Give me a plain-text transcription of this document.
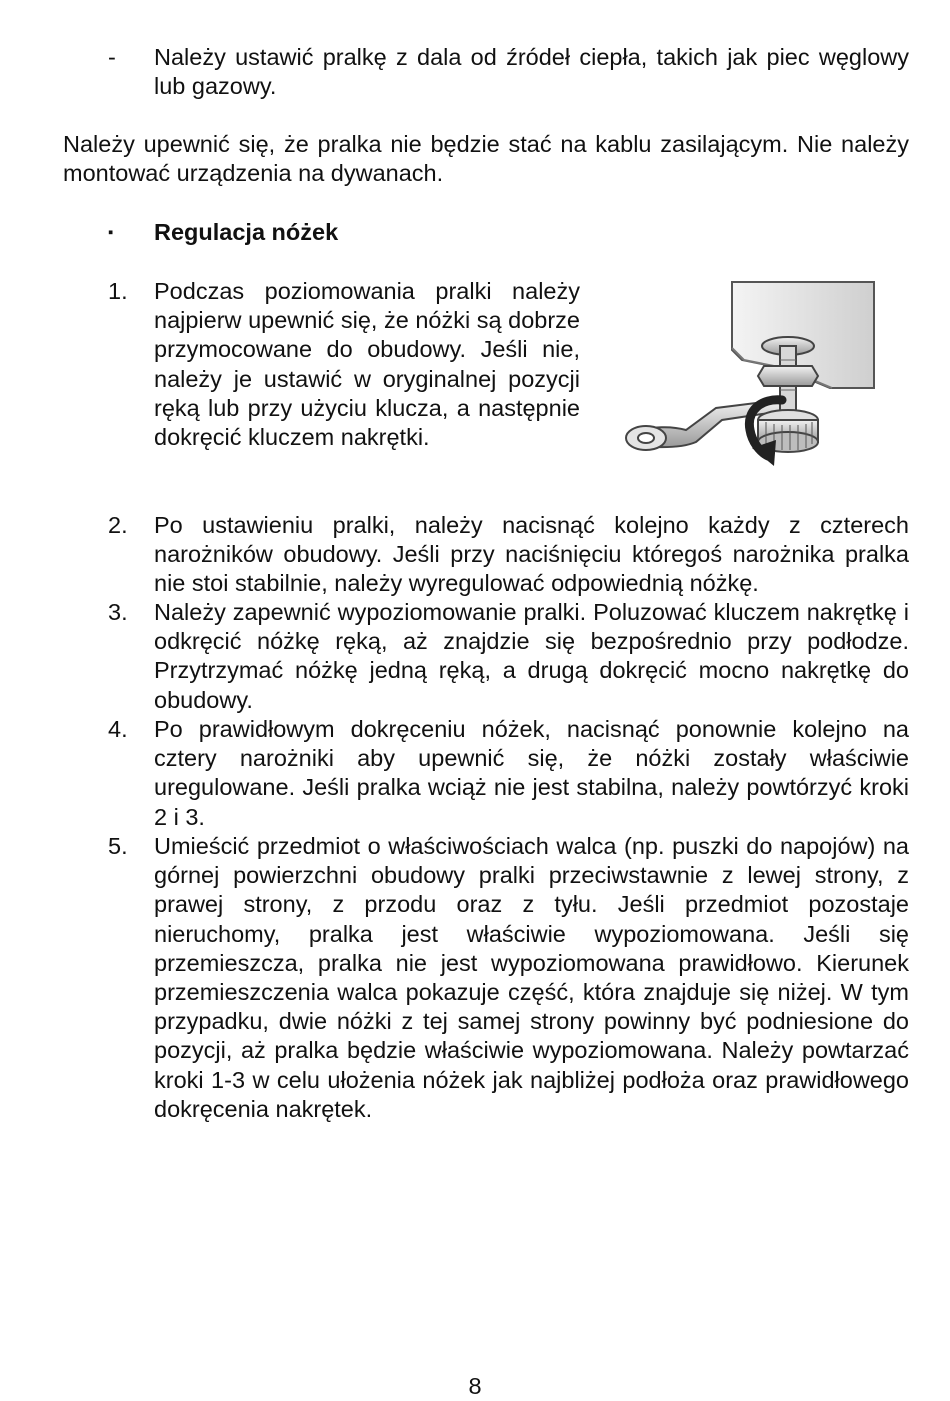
- Należy ustawić pralkę z dala od źródeł ciepła, takich jak piec węglowy lub gazowy.
Należy upewnić się, że pralka nie będzie stać na kablu zasilającym. Nie należy montować urządzenia na dywanach.
▪ Regulacja nóżek
1. Podczas poziomowania pralki należy najpierw upewnić się, że nóżki są dobrze przymocowane do obudowy. Jeśli nie, należy je ustawić w oryginalnej pozycji ręką lub przy użyciu klucza, a następnie dokręcić kluczem nakrętki.
2. Po ustawieniu pralki, należy nacisnąć kolejno każdy z czterech narożników obudowy. Jeśli przy naciśnięciu któregoś narożnika pralka nie stoi stabilnie, należy wyregulować odpowiednią nóżkę.
3. Należy zapewnić wypoziomowanie pralki. Poluzować kluczem nakrętkę i odkręcić nóżkę ręką, aż znajdzie się bezpośrednio przy podłodze. Przytrzymać nóżkę jedną ręką, a drugą dokręcić mocno nakrętkę do obudowy.
4. Po prawidłowym dokręceniu nóżek, nacisnąć ponownie kolejno na cztery narożniki aby upewnić się, że nóżki zostały właściwie uregulowane. Jeśli pralka wciąż nie jest stabilna, należy powtórzyć kroki 2 i 3.
5. Umieścić przedmiot o właściwościach walca (np. puszki do napojów) na górnej powierzchni obudowy pralki przeciwstawnie z lewej strony, z prawej strony, z przodu oraz z tyłu. Jeśli przedmiot pozostaje nieruchomy, pralka jest właściwie wypoziomowana. Jeśli się przemieszcza, pralka nie jest wypoziomowana prawidłowo. Kierunek przemieszczenia walca pokazuje część, która znajduje się niżej. W tym przypadku, dwie nóżki z tej samej strony powinny być podniesione do pozycji, aż pralka będzie właściwie wypoziomowana. Należy powtarzać kroki 1-3 w celu ułożenia nóżek jak najbliżej podłoża oraz prawidłowego dokręcenia nakrętek.
8
